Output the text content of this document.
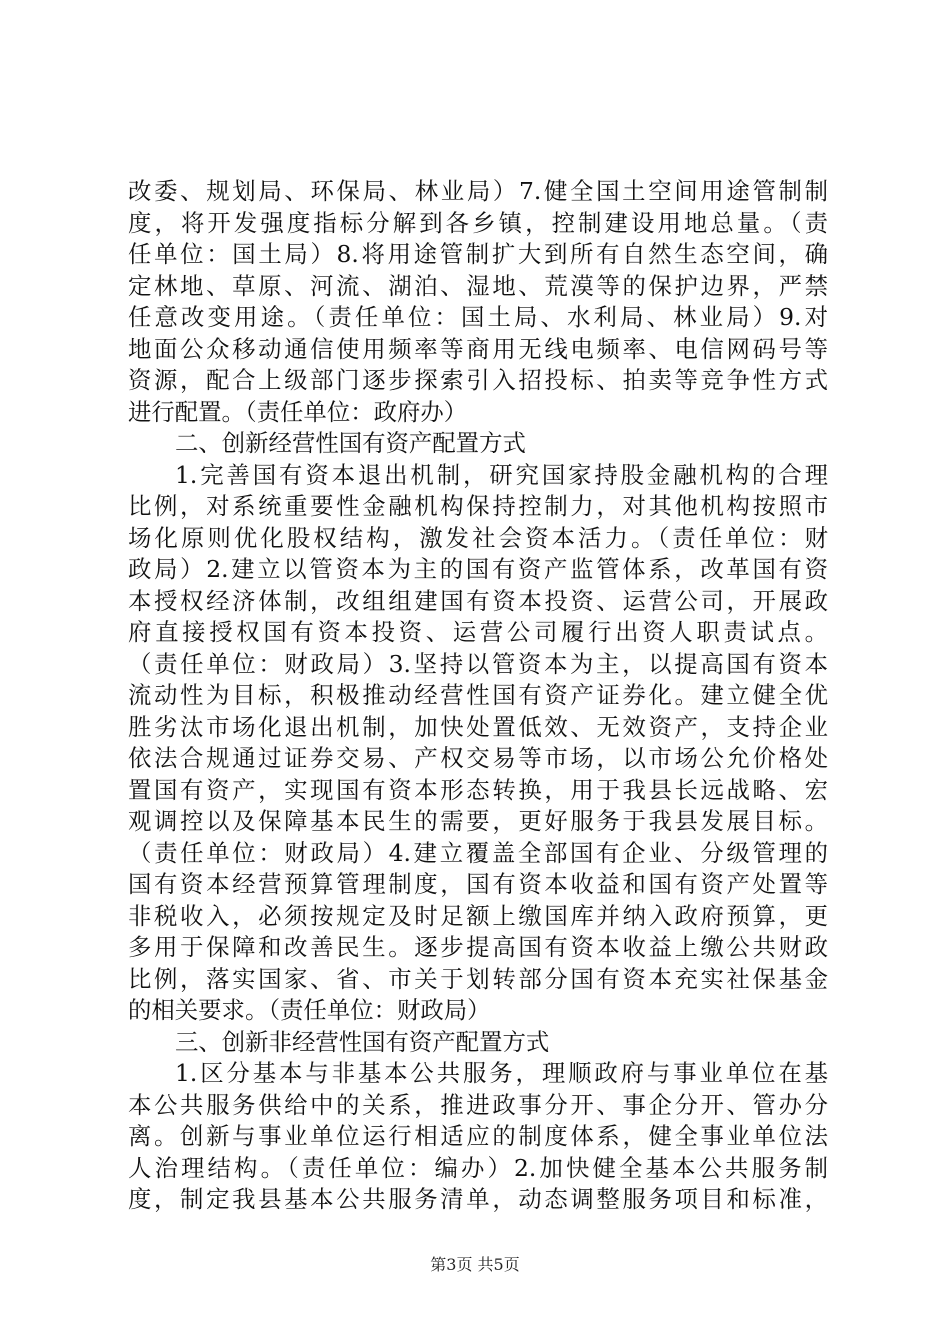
改委、规划局、环保局、林业局）7.健全国土空间用途管制制
度，将开发强度指标分解到各乡镇，控制建设用地总量。（责
任单位：国土局）8.将用途管制扩大到所有自然生态空间，确
定林地、草原、河流、湖泊、湿地、荒漠等的保护边界，严禁
任意改变用途。（责任单位：国土局、水利局、林业局）9.对
地面公众移动通信使用频率等商用无线电频率、电信网码号等
资源，配合上级部门逐步探索引入招投标、拍卖等竞争性方式
进行配置。（责任单位：政府办）
二、创新经营性国有资产配置方式
1.完善国有资本退出机制，研究国家持股金融机构的合理
比例，对系统重要性金融机构保持控制力，对其他机构按照市
场化原则优化股权结构，激发社会资本活力。（责任单位：财
政局）2.建立以管资本为主的国有资产监管体系，改革国有资
本授权经济体制，改组组建国有资本投资、运营公司，开展政
府直接授权国有资本投资、运营公司履行出资人职责试点。
（责任单位：财政局）3.坚持以管资本为主，以提高国有资本
流动性为目标，积极推动经营性国有资产证券化。建立健全优
胜劣汰市场化退出机制，加快处置低效、无效资产，支持企业
依法合规通过证券交易、产权交易等市场，以市场公允价格处
置国有资产，实现国有资本形态转换，用于我县长远战略、宏
观调控以及保障基本民生的需要，更好服务于我县发展目标。
（责任单位：财政局）4.建立覆盖全部国有企业、分级管理的
国有资本经营预算管理制度，国有资本收益和国有资产处置等
非税收入，必须按规定及时足额上缴国库并纳入政府预算，更
多用于保障和改善民生。逐步提高国有资本收益上缴公共财政
比例，落实国家、省、市关于划转部分国有资本充实社保基金
的相关要求。（责任单位：财政局）
三、创新非经营性国有资产配置方式
1.区分基本与非基本公共服务，理顺政府与事业单位在基
本公共服务供给中的关系，推进政事分开、事企分开、管办分
离。创新与事业单位运行相适应的制度体系，健全事业单位法
人治理结构。（责任单位：编办）2.加快健全基本公共服务制
度，制定我县基本公共服务清单，动态调整服务项目和标准，
第3页 共5页
